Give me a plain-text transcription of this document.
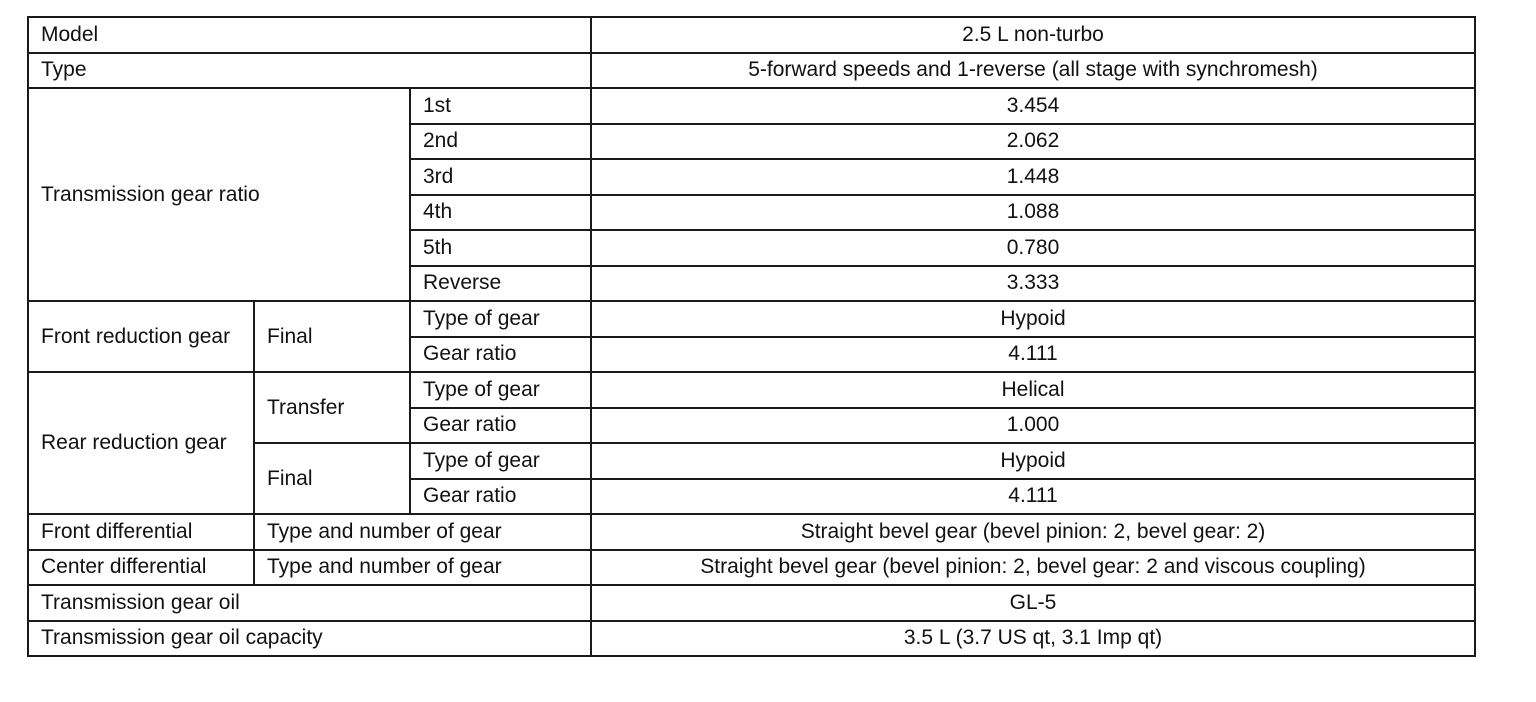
Model			2.5 L non-turbo
Type			5-forward speeds and 1-reverse (all stage with synchromesh)
Transmission gear ratio		1st	3.454
		2nd	2.062
		3rd	1.448
		4th	1.088
		5th	0.780
		Reverse	3.333
Front reduction gear	Final	Type of gear	Hypoid
		Gear ratio	4.111
Rear reduction gear	Transfer	Type of gear	Helical
		Gear ratio	1.000
	Final	Type of gear	Hypoid
		Gear ratio	4.111
Front differential	Type and number of gear		Straight bevel gear (bevel pinion: 2, bevel gear: 2)
Center differential	Type and number of gear		Straight bevel gear (bevel pinion: 2, bevel gear: 2 and viscous coupling)
Transmission gear oil			GL-5
Transmission gear oil capacity			3.5 L (3.7 US qt, 3.1 Imp qt)
